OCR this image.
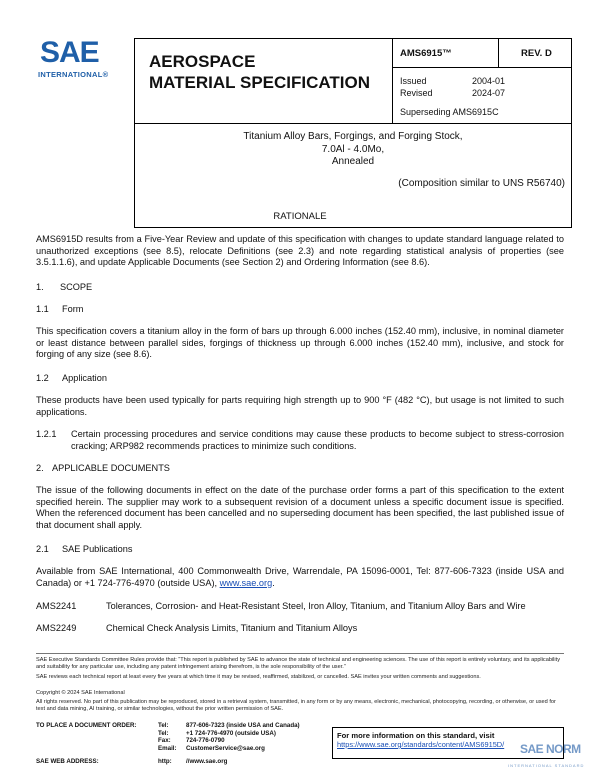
SAE
INTERNATIONAL®
AEROSPACE
MATERIAL SPECIFICATION
AMS6915™	REV. D
Issued	2004-01
Revised	2024-07
Superseding AMS6915C
Titanium Alloy Bars, Forgings, and Forging Stock,
7.0Al - 4.0Mo,
Annealed
(Composition similar to UNS R56740)
RATIONALE
AMS6915D results from a Five-Year Review and update of this specification with changes to update standard language related to unauthorized exceptions (see 8.5), relocate Definitions (see 2.3) and note regarding statistical analysis of properties (see 3.5.1.1.6), and update Applicable Documents (see Section 2) and Ordering Information (see 8.6).
1. SCOPE
1.1 Form
This specification covers a titanium alloy in the form of bars up through 6.000 inches (152.40 mm), inclusive, in nominal diameter or least distance between parallel sides, forgings of thickness up through 6.000 inches (152.40 mm), inclusive, and stock for forging of any size (see 8.6).
1.2 Application
These products have been used typically for parts requiring high strength up to 900 °F (482 °C), but usage is not limited to such applications.
1.2.1 Certain processing procedures and service conditions may cause these products to become subject to stress-corrosion cracking; ARP982 recommends practices to minimize such conditions.
2. APPLICABLE DOCUMENTS
The issue of the following documents in effect on the date of the purchase order forms a part of this specification to the extent specified herein. The supplier may work to a subsequent revision of a document unless a specific document issue is specified. When the referenced document has been cancelled and no superseding document has been specified, the last published issue of that document shall apply.
2.1 SAE Publications
Available from SAE International, 400 Commonwealth Drive, Warrendale, PA 15096-0001, Tel: 877-606-7323 (inside USA and Canada) or +1 724-776-4970 (outside USA), www.sae.org.
AMS2241	Tolerances, Corrosion- and Heat-Resistant Steel, Iron Alloy, Titanium, and Titanium Alloy Bars and Wire
AMS2249	Chemical Check Analysis Limits, Titanium and Titanium Alloys
SAE Executive Standards Committee Rules provide that: “This report is published by SAE to advance the state of technical and engineering sciences. The use of this report is entirely voluntary, and its applicability and suitability for any particular use, including any patent infringement arising therefrom, is the sole responsibility of the user.”
SAE reviews each technical report at least every five years at which time it may be revised, reaffirmed, stabilized, or cancelled. SAE invites your written comments and suggestions.
Copyright © 2024 SAE International
All rights reserved. No part of this publication may be reproduced, stored in a retrieval system, transmitted, in any form or by any means, electronic, mechanical, photocopying, recording, or otherwise, or used for text and data mining, AI training, or similar technologies, without the prior written permission of SAE.
TO PLACE A DOCUMENT ORDER:	Tel:	877-606-7323 (inside USA and Canada)
Tel:	+1 724-776-4970 (outside USA)
Fax: 724-776-0790
Email: CustomerService@sae.org
SAE WEB ADDRESS:	http: //www.sae.org
For more information on this standard, visit
https://www.sae.org/standards/content/AMS6915D/	SAE NORM
INTERNATIONAL STANDARD
